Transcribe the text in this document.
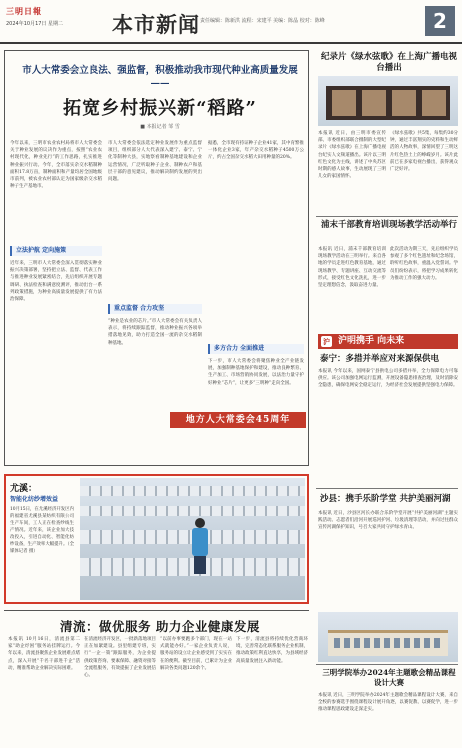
三明日報
2024年10月17日 星期二 本市新闻 责任编辑：陈新洪 流程：宋建平 美编：陈晶 校对：陈峰	2
市人大常委会立良法、强监督，积极推动我市现代种业高质量发展——
拓宽乡村振兴新“稻路”
■ 本报记者 邹 雪
今年以来，三明市农业农村局将市人大常委会关于种业发展的议决作为重点，按照“农业农村现代化，种业先行”的工作思路，扎实推进种业振兴行动。今年，全市落实杂交水稻制种面积17.8万亩，制种面积和产量均居全国地级市前列，被农业农村部认定为国家级杂交水稻种子生产基地市。
立法护航 定向施策
近年来，三明市人大常委会深入贯彻落实种业振兴决策部署，坚持把立法、监督、代表工作与推进种业发展紧密结合，先后组织开展专题调研、执法检查和满意度测评，推动出台一系列政策措施，为种业高质量发展提供了有力法治保障。
市人大常委会依法选定种业发展作为重点监督项目，组织部分人大代表深入建宁、泰宁、宁化等制种大县，实地察看制种基地建设和企业运营情况，广泛听取种子企业、制种农户和基层干部的意见建议，推动解决制约发展的突出问题。
重点监督 合力攻坚
“种业是农业的芯片。”市人大常委会有关负责人表示，将持续跟踪监督，推动种业振兴各项举措落地见效，助力打造全国一流的杂交水稻制种基地。
据悉，全市现有持证种子企业41家，其中育繁推一体化企业3家，年产杂交水稻种子4500万公斤，约占全国杂交水稻大田用种量的20%。
多方合力 全面推进
下一步，市人大常委会将聚焦种业全产业链发展，加强制种基地保护和建设，推动良种繁育、生产加工、市场营销协同发展，以法治力量守护好种业“芯片”，让更多“三明种”走向全国。
地方人大常委会45周年
尤溪：
智能化纺纱增效益
10月15日，在尤溪经济开发区内的福建省尤溪县某纺织有限公司生产车间，工人正在检查纱线生产情况。近年来，该企业加大技改投入，引进自动化、智能化纺纱设备，生产效率大幅提升。（全媒体记者 摄）
清流：做优服务 助力企业健康发展
本报讯 10月16日，清流县第二家“助企纾困”服务站挂牌运行。今年以来，清流县聚焦企业发展难点堵点，深入开展“千名干部进千企”活动，精准帮助企业解决实际困难。
在清流经济开发区，一批新落地项目正在加紧建设。县里组建专班，实行“一企一策”跟踪服务，为企业提供政策咨询、要素保障、融资对接等全流程服务，有效提振了企业发展信心。
“以前办事要跑多个部门，现在一站式就能办好。”一家企业负责人说，服务站的设立让企业感受到了实实在在的便利。截至目前，已累计为企业解决各类问题120余个。
下一步，清流县将持续优化营商环境，完善常态化联系服务企业机制，推动政策红利直达快享，为县域经济高质量发展注入新动能。
纪录片《绿水弦歌》在上海广播电视台播出
本报讯 近日，由三明市委宣传部、市委组织部联合摄制的大型纪录片《绿水弦歌》在上海广播电视台纪实人文频道播出。该片以三明红色文化为主线，讲述了中央苏区时期的感人故事，生动展现了三明儿女的家国情怀。
《绿水弦歌》共5集，每集约30分钟，通过丰富翔实的史料和生动鲜活的人物故事，深情回望了三明这片红色热土上的峥嵘岁月。该片此前已在多家电视台播出，获得观众广泛好评。
浦末千部教育培训现场教学活动举行
本报讯 近日，浦末千部教育培训现场教学活动在三明举行。来自各地的学员走进红色教育基地，通过现场教学、专题讲座、互动交流等形式，接受红色文化洗礼，进一步坚定理想信念，汲取奋进力量。
此次活动为期三天，先后组织学员参观了多个红色遗址和纪念场馆，聆听红色故事，重温入党誓词。学员们纷纷表示，将把学习成果转化为推动工作的强大动力。
沪 沪明携手 向未来
泰宁：多措并举应对来源保供电
本报讯 今年以来，国网泰宁县供电公司多措并举，全力保障电力可靠供应。该公司加强电网运行监测，开展设备隐患排查治理，及时消除安全隐患，确保电网安全稳定运行，为经济社会发展提供坚强电力保障。
沙县：携手乐阶学堂 共护美丽河湖
本报讯 近日，沙县区河长办联合乐阶学堂开展“共护美丽河湖”主题实践活动。志愿者们沿河开展巡河护河、垃圾清理等活动，并向过往群众宣传河湖保护知识，号召大家共同守护绿水青山。
三明学院举办2024年主题歌会精品课程设计大赛
本报讯 近日，三明学院举办2024年主题歌会精品课程设计大赛，来自全校的参赛选手围绕课程设计展开角逐，以赛促教、以赛促学，进一步推动课程思政建设走深走实。
